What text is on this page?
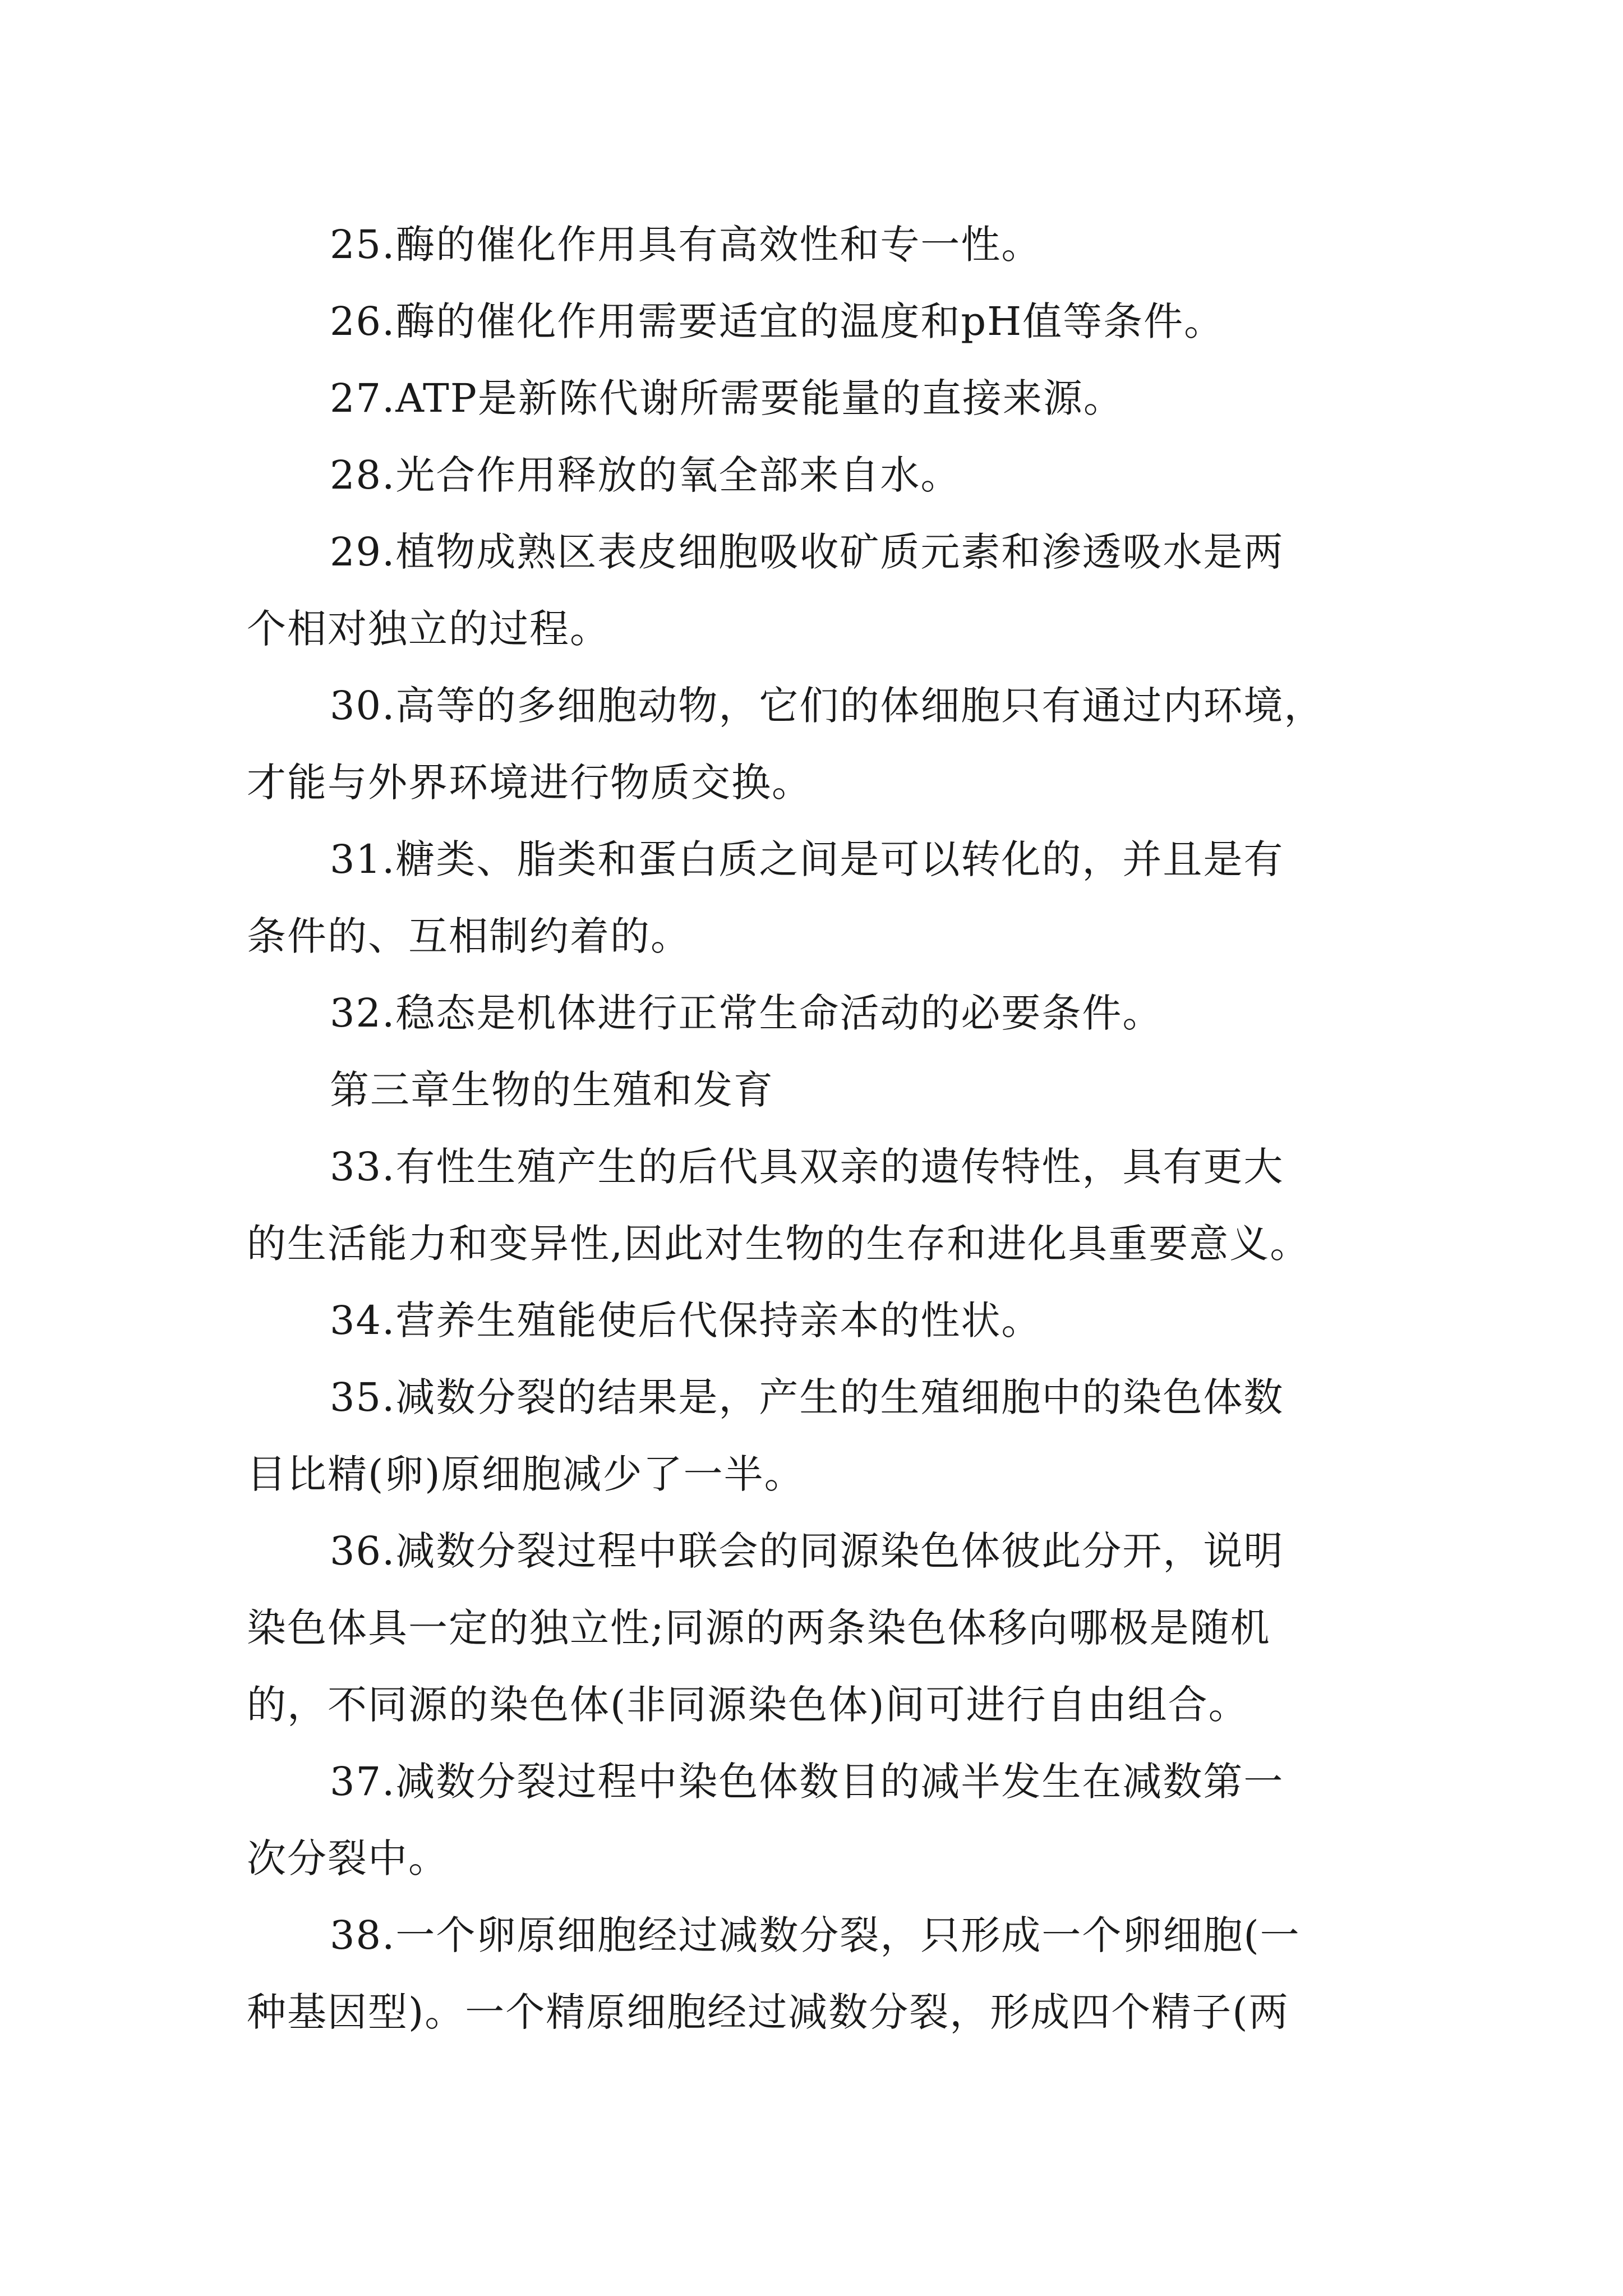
25.酶的催化作用具有高效性和专一性。
26.酶的催化作用需要适宜的温度和pH值等条件。
27.ATP是新陈代谢所需要能量的直接来源。
28.光合作用释放的氧全部来自水。
29.植物成熟区表皮细胞吸收矿质元素和渗透吸水是两
个相对独立的过程。
30.高等的多细胞动物，它们的体细胞只有通过内环境，
才能与外界环境进行物质交换。
31.糖类、脂类和蛋白质之间是可以转化的，并且是有
条件的、互相制约着的。
32.稳态是机体进行正常生命活动的必要条件。
第三章生物的生殖和发育
33.有性生殖产生的后代具双亲的遗传特性，具有更大
的生活能力和变异性,因此对生物的生存和进化具重要意义。
34.营养生殖能使后代保持亲本的性状。
35.减数分裂的结果是，产生的生殖细胞中的染色体数
目比精(卵)原细胞减少了一半。
36.减数分裂过程中联会的同源染色体彼此分开，说明
染色体具一定的独立性;同源的两条染色体移向哪极是随机
的，不同源的染色体(非同源染色体)间可进行自由组合。
37.减数分裂过程中染色体数目的减半发生在减数第一
次分裂中。
38.一个卵原细胞经过减数分裂，只形成一个卵细胞(一
种基因型)。一个精原细胞经过减数分裂，形成四个精子(两
